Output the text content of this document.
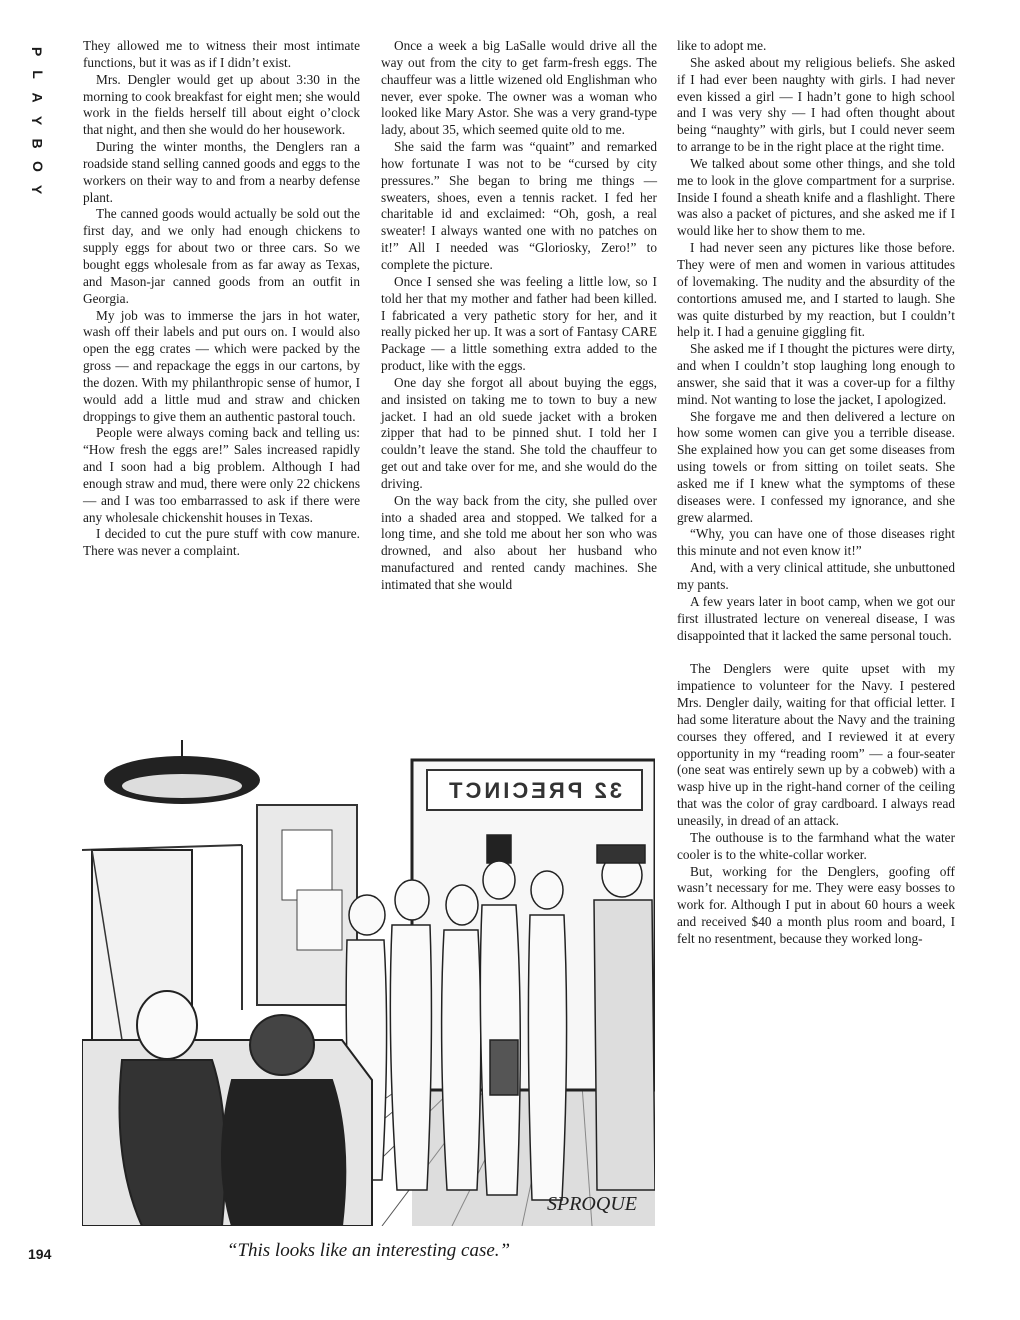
P
L
A
Y
B
O
Y

They allowed me to witness their most intimate functions, but it was as if I didn’t exist.

Mrs. Dengler would get up about 3:30 in the morning to cook breakfast for eight men; she would work in the fields herself till about eight o’clock that night, and then she would do her housework.

During the winter months, the Denglers ran a roadside stand selling canned goods and eggs to the workers on their way to and from a nearby defense plant.

The canned goods would actually be sold out the first day, and we only had enough chickens to supply eggs for about two or three cars. So we bought eggs wholesale from as far away as Texas, and Mason-jar canned goods from an outfit in Georgia.

My job was to immerse the jars in hot water, wash off their labels and put ours on. I would also open the egg crates — which were packed by the gross — and repackage the eggs in our cartons, by the dozen. With my philanthropic sense of humor, I would add a little mud and straw and chicken droppings to give them an authentic pastoral touch.

People were always coming back and telling us: “How fresh the eggs are!” Sales increased rapidly and I soon had a big problem. Although I had enough straw and mud, there were only 22 chickens — and I was too embarrassed to ask if there were any wholesale chickenshit houses in Texas.

I decided to cut the pure stuff with cow manure. There was never a complaint.

Once a week a big LaSalle would drive all the way out from the city to get farm-fresh eggs. The chauffeur was a little wizened old Englishman who never, ever spoke. The owner was a woman who looked like Mary Astor. She was a very grand-type lady, about 35, which seemed quite old to me.

She said the farm was “quaint” and remarked how fortunate I was not to be “cursed by city pressures.” She began to bring me things — sweaters, shoes, even a tennis racket. I fed her charitable id and exclaimed: “Oh, gosh, a real sweater! I always wanted one with no patches on it!” All I needed was “Gloriosky, Zero!” to complete the picture.

Once I sensed she was feeling a little low, so I told her that my mother and father had been killed. I fabricated a very pathetic story for her, and it really picked her up. It was a sort of Fantasy CARE Package — a little something extra added to the product, like with the eggs.

One day she forgot all about buying the eggs, and insisted on taking me to town to buy a new jacket. I had an old suede jacket with a broken zipper that had to be pinned shut. I told her I couldn’t leave the stand. She told the chauffeur to get out and take over for me, and she would do the driving.

On the way back from the city, she pulled over into a shaded area and stopped. We talked for a long time, and she told me about her son who was drowned, and also about her husband who manufactured and rented candy machines. She intimated that she would

like to adopt me.

She asked about my religious beliefs. She asked if I had ever been naughty with girls. I had never even kissed a girl — I hadn’t gone to high school and I was very shy — I had often thought about being “naughty” with girls, but I could never seem to arrange to be in the right place at the right time.

We talked about some other things, and she told me to look in the glove compartment for a surprise. Inside I found a sheath knife and a flashlight. There was also a packet of pictures, and she asked me if I would like her to show them to me.

I had never seen any pictures like those before. They were of men and women in various attitudes of lovemaking. The nudity and the absurdity of the contortions amused me, and I started to laugh. She was quite disturbed by my reaction, but I couldn’t help it. I had a genuine giggling fit.

She asked me if I thought the pictures were dirty, and when I couldn’t stop laughing long enough to answer, she said that it was a cover-up for a filthy mind. Not wanting to lose the jacket, I apologized.

She forgave me and then delivered a lecture on how some women can give you a terrible disease. She explained how you can get some diseases from using towels or from sitting on toilet seats. She asked me if I knew what the symptoms of these diseases were. I confessed my ignorance, and she grew alarmed.

“Why, you can have one of those diseases right this minute and not even know it!”

And, with a very clinical attitude, she unbuttoned my pants.

A few years later in boot camp, when we got our first illustrated lecture on venereal disease, I was disappointed that it lacked the same personal touch.

The Denglers were quite upset with my impatience to volunteer for the Navy. I pestered Mrs. Dengler daily, waiting for that official letter. I had some literature about the Navy and the training courses they offered, and I reviewed it at every opportunity in my “reading room” — a four-seater (one seat was entirely sewn up by a cobweb) with a wasp hive up in the right-hand corner of the ceiling that was the color of gray cardboard. I always read uneasily, in dread of an attack.

The outhouse is to the farmhand what the water cooler is to the white-collar worker.

But, working for the Denglers, goofing off wasn’t necessary for me. They were easy bosses to work for. Although I put in about 60 hours a week and received $40 a month plus room and board, I felt no resentment, because they worked long-

32 PRECINCT
SPROQUE
“This looks like an interesting case.”
194
